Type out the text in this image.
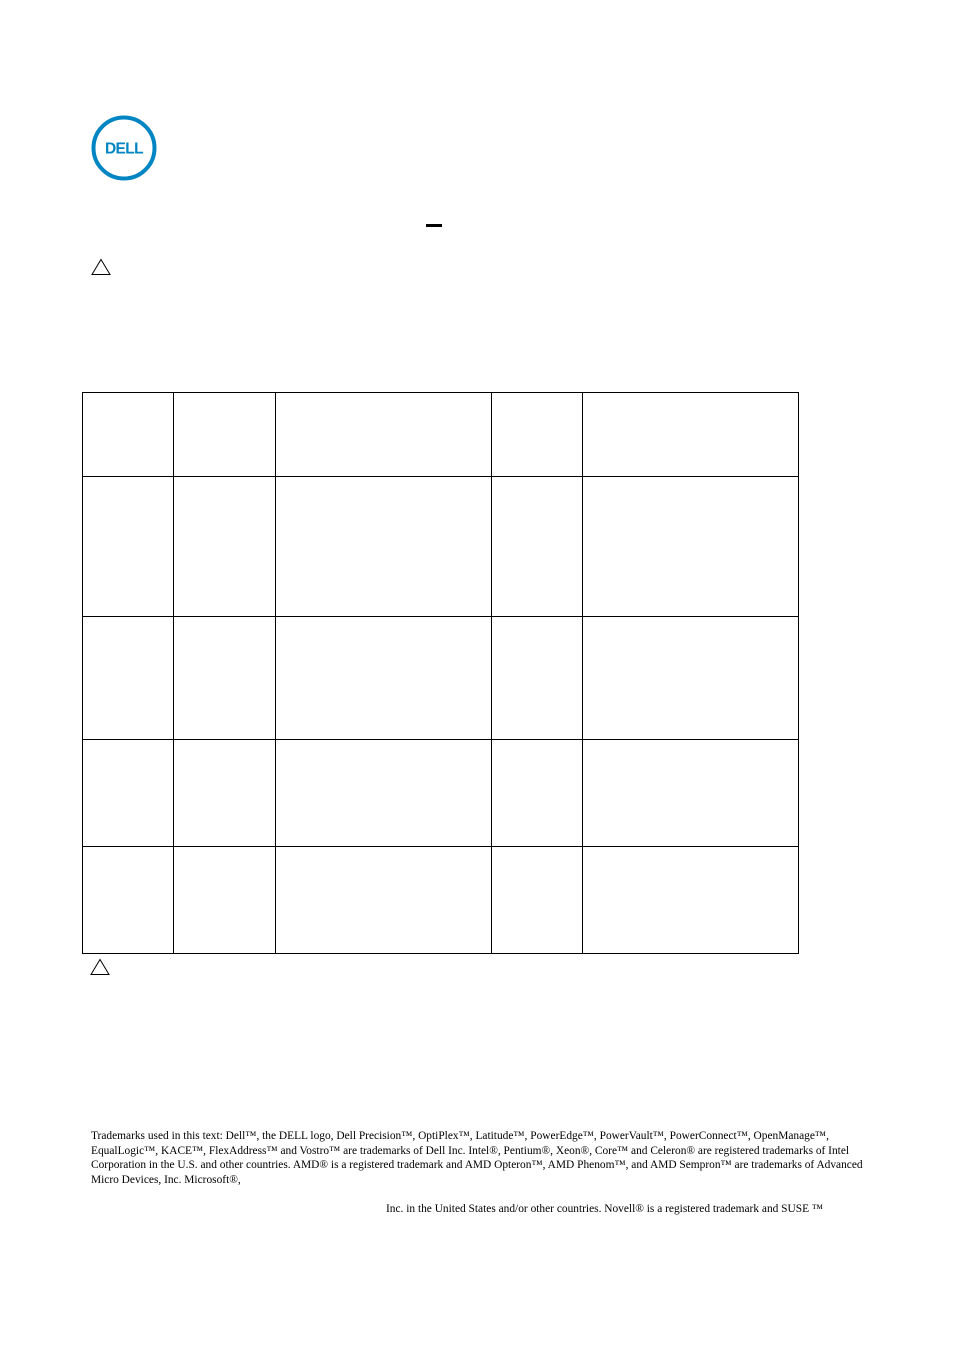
DELL

Trademarks used in this text: Dell™, the DELL logo, Dell Precision™, OptiPlex™, Latitude™, PowerEdge™, PowerVault™, PowerConnect™, OpenManage™, EqualLogic™, KACE™, FlexAddress™ and Vostro™ are trademarks of Dell Inc. Intel®, Pentium®, Xeon®, Core™ and Celeron® are registered trademarks of Intel Corporation in the U.S. and other countries. AMD® is a registered trademark and AMD Opteron™, AMD Phenom™, and AMD Sempron™ are trademarks of Advanced Micro Devices, Inc. Microsoft®,

Inc. in the United States and/or other countries. Novell® is a registered trademark and SUSE ™
